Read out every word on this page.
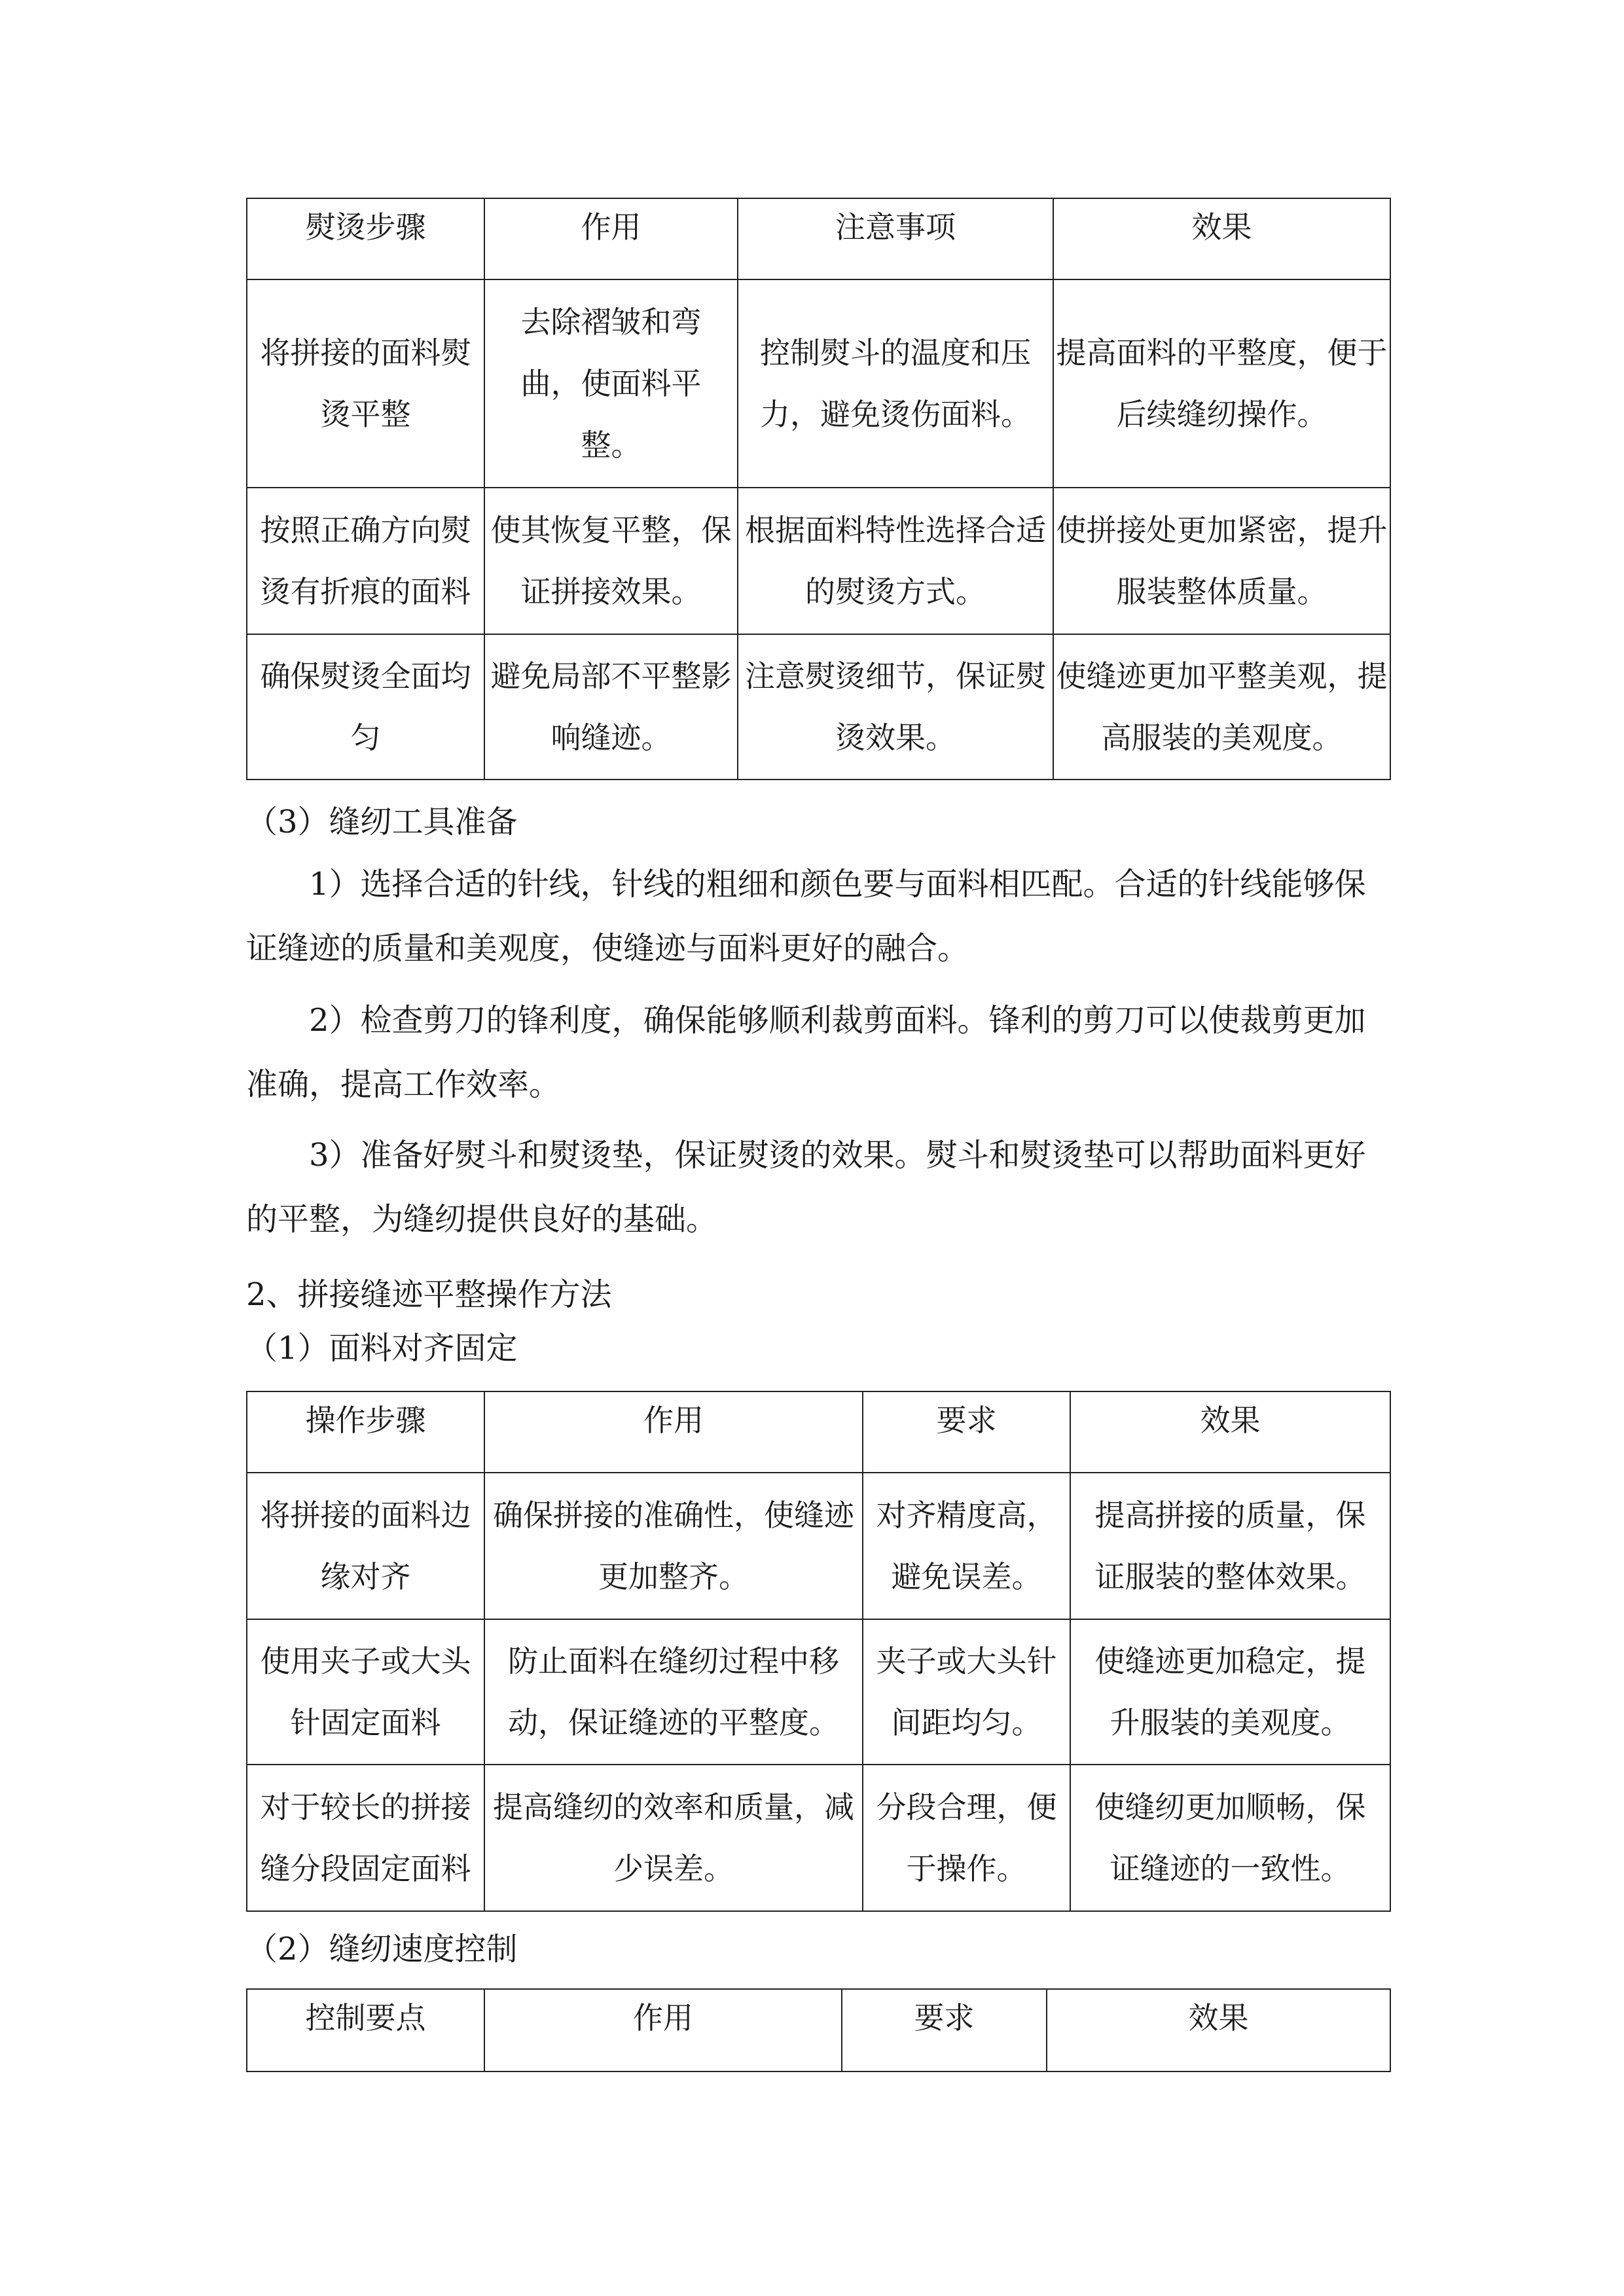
熨烫步骤	作用	注意事项	效果
将拼接的面料熨烫平整	去除褶皱和弯曲，使面料平整。	控制熨斗的温度和压力，避免烫伤面料。	提高面料的平整度，便于后续缝纫操作。
按照正确方向熨烫有折痕的面料	使其恢复平整，保证拼接效果。	根据面料特性选择合适的熨烫方式。	使拼接处更加紧密，提升服装整体质量。
确保熨烫全面均匀	避免局部不平整影响缝迹。	注意熨烫细节，保证熨烫效果。	使缝迹更加平整美观，提高服装的美观度。
（3）缝纫工具准备
1）选择合适的针线，针线的粗细和颜色要与面料相匹配。合适的针线能够保证缝迹的质量和美观度，使缝迹与面料更好的融合。
2）检查剪刀的锋利度，确保能够顺利裁剪面料。锋利的剪刀可以使裁剪更加准确，提高工作效率。
3）准备好熨斗和熨烫垫，保证熨烫的效果。熨斗和熨烫垫可以帮助面料更好的平整，为缝纫提供良好的基础。
2、拼接缝迹平整操作方法
（1）面料对齐固定
操作步骤	作用	要求	效果
将拼接的面料边缘对齐	确保拼接的准确性，使缝迹更加整齐。	对齐精度高，避免误差。	提高拼接的质量，保证服装的整体效果。
使用夹子或大头针固定面料	防止面料在缝纫过程中移动，保证缝迹的平整度。	夹子或大头针间距均匀。	使缝迹更加稳定，提升服装的美观度。
对于较长的拼接缝分段固定面料	提高缝纫的效率和质量，减少误差。	分段合理，便于操作。	使缝纫更加顺畅，保证缝迹的一致性。
（2）缝纫速度控制
控制要点	作用	要求	效果
